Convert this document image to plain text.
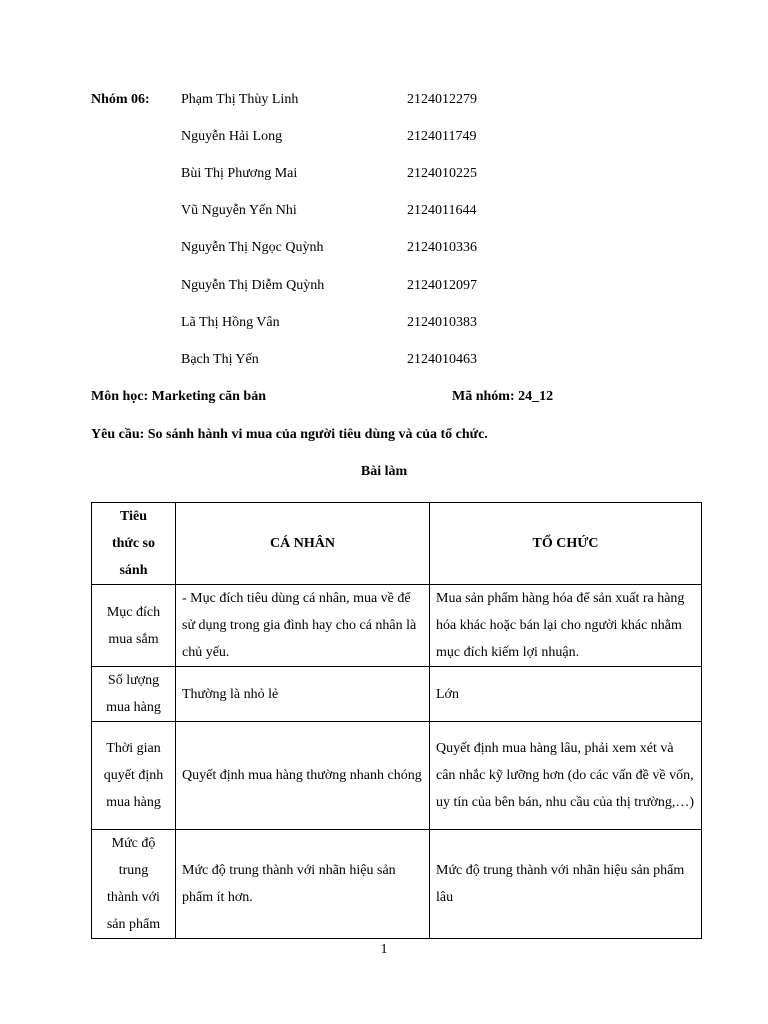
Nhóm 06: Phạm Thị Thùy Linh	2124012279
Nguyễn Hải Long	2124011749
Bùi Thị Phương Mai	2124010225
Vũ Nguyễn Yến Nhi	2124011644
Nguyễn Thị Ngọc Quỳnh	2124010336
Nguyễn Thị Diễm Quỳnh	2124012097
Lã Thị Hồng Vân	2124010383
Bạch Thị Yến	2124010463
Môn học: Marketing căn bản	Mã nhóm: 24_12
Yêu cầu: So sánh hành vi mua của người tiêu dùng và của tổ chức.
Bài làm
Tiêu thức so sánh	CÁ NHÂN	TỔ CHỨC
Mục đích mua sắm	- Mục đích tiêu dùng cá nhân, mua về để sử dụng trong gia đình hay cho cá nhân là chủ yếu.	Mua sản phẩm hàng hóa để sản xuất ra hàng hóa khác hoặc bán lại cho người khác nhằm mục đích kiếm lợi nhuận.
Số lượng mua hàng	Thường là nhỏ lẻ	Lớn
Thời gian quyết định mua hàng	Quyết định mua hàng thường nhanh chóng	Quyết định mua hàng lâu, phải xem xét và cân nhắc kỹ lưỡng hơn (do các vấn đề về vốn, uy tín của bên bán, nhu cầu của thị trường,…)
Mức độ trung thành với sản phẩm	Mức độ trung thành với nhãn hiệu sản phẩm ít hơn.	Mức độ trung thành với nhãn hiệu sản phẩm lâu
1
